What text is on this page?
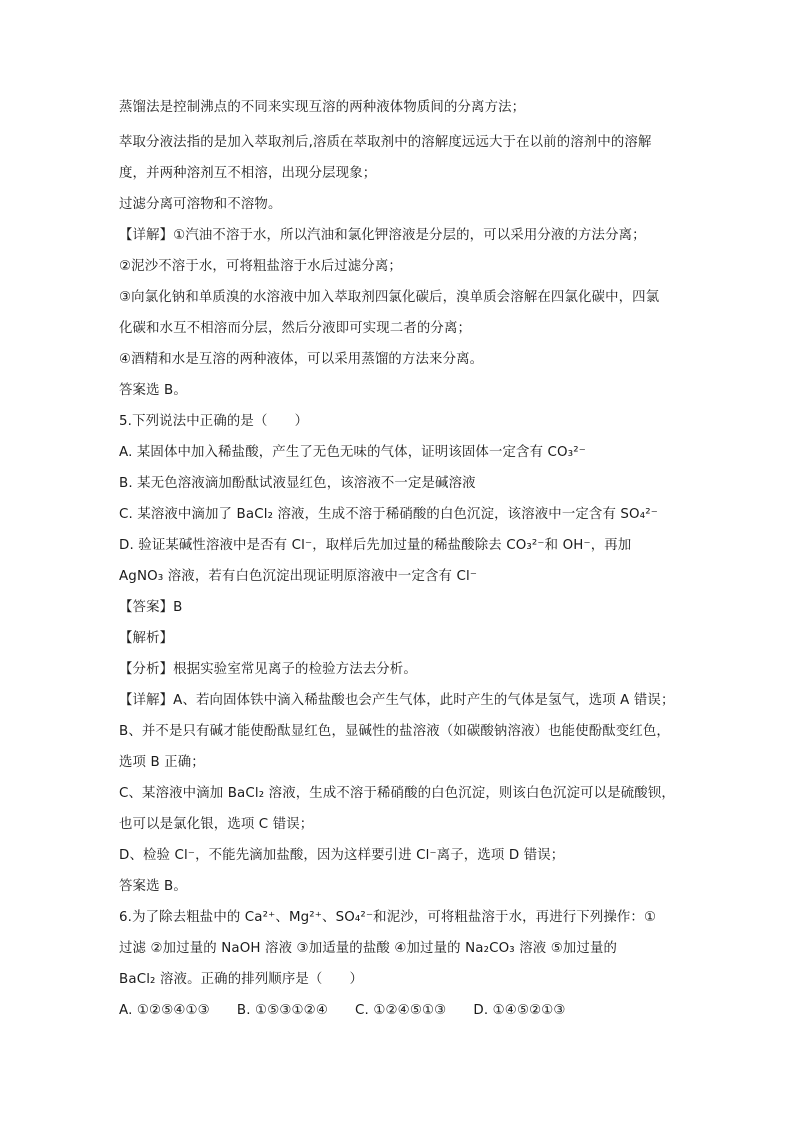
蒸馏法是控制沸点的不同来实现互溶的两种液体物质间的分离方法；
萃取分液法指的是加入萃取剂后,溶质在萃取剂中的溶解度远远大于在以前的溶剂中的溶解
度，并两种溶剂互不相溶，出现分层现象；
过滤分离可溶物和不溶物。
【详解】①汽油不溶于水，所以汽油和氯化钾溶液是分层的，可以采用分液的方法分离；
②泥沙不溶于水，可将粗盐溶于水后过滤分离；
③向氯化钠和单质溴的水溶液中加入萃取剂四氯化碳后，溴单质会溶解在四氯化碳中，四氯
化碳和水互不相溶而分层，然后分液即可实现二者的分离；
④酒精和水是互溶的两种液体，可以采用蒸馏的方法来分离。
答案选 B。
5.下列说法中正确的是（　　）
A. 某固体中加入稀盐酸，产生了无色无味的气体，证明该固体一定含有 CO₃²⁻
B. 某无色溶液滴加酚酞试液显红色，该溶液不一定是碱溶液
C. 某溶液中滴加了 BaCl₂ 溶液，生成不溶于稀硝酸的白色沉淀，该溶液中一定含有 SO₄²⁻
D. 验证某碱性溶液中是否有 Cl⁻，取样后先加过量的稀盐酸除去 CO₃²⁻和 OH⁻，再加
AgNO₃ 溶液，若有白色沉淀出现证明原溶液中一定含有 Cl⁻
【答案】B
【解析】
【分析】根据实验室常见离子的检验方法去分析。
【详解】A、若向固体铁中滴入稀盐酸也会产生气体，此时产生的气体是氢气，选项 A 错误；
B、并不是只有碱才能使酚酞显红色，显碱性的盐溶液（如碳酸钠溶液）也能使酚酞变红色，
选项 B 正确；
C、某溶液中滴加 BaCl₂ 溶液，生成不溶于稀硝酸的白色沉淀，则该白色沉淀可以是硫酸钡，
也可以是氯化银，选项 C 错误；
D、检验 Cl⁻，不能先滴加盐酸，因为这样要引进 Cl⁻离子，选项 D 错误；
答案选 B。
6.为了除去粗盐中的 Ca²⁺、Mg²⁺、SO₄²⁻和泥沙，可将粗盐溶于水，再进行下列操作：①
过滤 ②加过量的 NaOH 溶液 ③加适量的盐酸 ④加过量的 Na₂CO₃ 溶液 ⑤加过量的
BaCl₂ 溶液。正确的排列顺序是（　　）
A. ①②⑤④①③　　B. ①⑤③①②④　　C. ①②④⑤①③　　D. ①④⑤②①③
